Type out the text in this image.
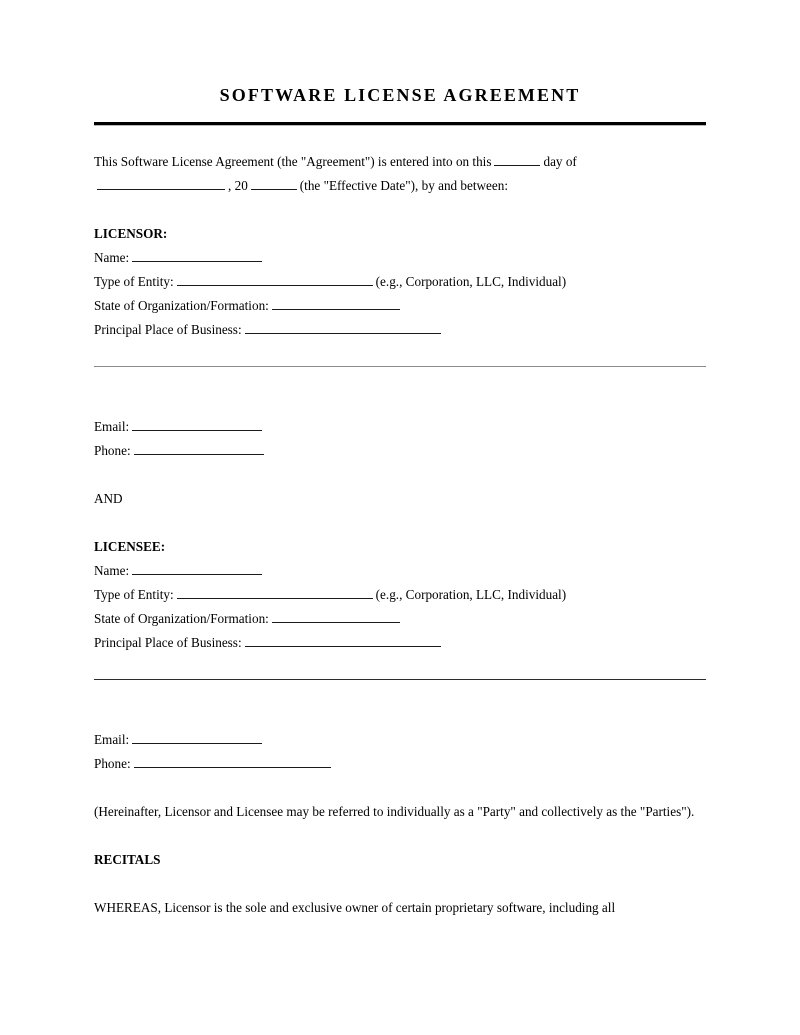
SOFTWARE LICENSE AGREEMENT
This Software License Agreement (the "Agreement") is entered into on this	day of
, 20	(the "Effective Date"), by and between:
LICENSOR:
Name:
Type of Entity:	(e.g., Corporation, LLC, Individual)
State of Organization/Formation:
Principal Place of Business:
Email:
Phone:
AND
LICENSEE:
Name:
Type of Entity:	(e.g., Corporation, LLC, Individual)
State of Organization/Formation:
Principal Place of Business:
Email:
Phone:

(Hereinafter, Licensor and Licensee may be referred to individually as a "Party" and collectively as the "Parties").

RECITALS

WHEREAS, Licensor is the sole and exclusive owner of certain proprietary software, including all
